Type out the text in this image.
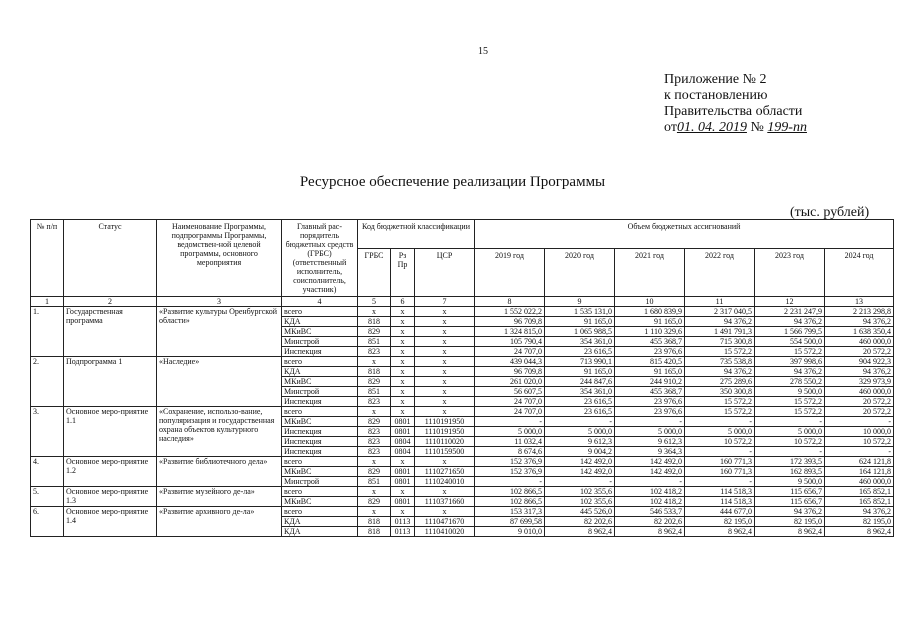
15
Приложение № 2
к постановлению
Правительства области
от01. 04. 2019 № 199-пп
Ресурсное обеспечение реализации Программы
(тыс. рублей)
№ п/п	Статус	Наименование Программы, подпрограммы Программы, ведомствен-ной целевой программы, основного мероприятия	Главный рас-порядитель бюджетных средств (ГРБС) (ответственный исполнитель, соисполнитель, участник)	Код бюджетной классификации			Объем бюджетных ассигнований					
				ГРБС	Рз Пр	ЦСР	2019 год	2020 год	2021 год	2022 год	2023 год	2024 год
1	2	3	4	5	6	7	8	9	10	11	12	13
1.	Государственная программа	«Развитие культуры Оренбургской области»	всего	х	х	х	1 552 022,2	1 535 131,0	1 680 839,9	2 317 040,5	2 231 247,9	2 213 298,8
			КДА	818	х	х	96 709,8	91 165,0	91 165,0	94 376,2	94 376,2	94 376,2
			МКиВС	829	х	х	1 324 815,0	1 065 988,5	1 110 329,6	1 491 791,3	1 566 799,5	1 638 350,4
			Минстрой	851	х	х	105 790,4	354 361,0	455 368,7	715 300,8	554 500,0	460 000,0
			Инспекция	823	х	х	24 707,0	23 616,5	23 976,6	15 572,2	15 572,2	20 572,2
2.	Подпрограмма 1	«Наследие»	всего	х	х	х	439 044,3	713 990,1	815 420,5	735 538,8	397 998,6	904 922,3
			КДА	818	х	х	96 709,8	91 165,0	91 165,0	94 376,2	94 376,2	94 376,2
			МКиВС	829	х	х	261 020,0	244 847,6	244 910,2	275 289,6	278 550,2	329 973,9
			Минстрой	851	х	х	56 607,5	354 361,0	455 368,7	350 300,8	9 500,0	460 000,0
			Инспекция	823	х	х	24 707,0	23 616,5	23 976,6	15 572,2	15 572,2	20 572,2
3.	Основное меро-приятие 1.1	«Сохранение, использо-вание, популяризация и государственная охрана объектов культурного наследия»	всего	х	х	х	24 707,0	23 616,5	23 976,6	15 572,2	15 572,2	20 572,2
			МКиВС	829	0801	1110191950	-	-	-	-	-	-
			Инспекция	823	0801	1110191950	5 000,0	5 000,0	5 000,0	5 000,0	5 000,0	10 000,0
			Инспекция	823	0804	1110110020	11 032,4	9 612,3	9 612,3	10 572,2	10 572,2	10 572,2
			Инспекция	823	0804	1110159500	8 674,6	9 004,2	9 364,3	-	-	-
4.	Основное меро-приятие 1.2	«Развитие библиотечного дела»	всего	х	х	х	152 376,9	142 492,0	142 492,0	160 771,3	172 393,5	624 121,8
			МКиВС	829	0801	1110271650	152 376,9	142 492,0	142 492,0	160 771,3	162 893,5	164 121,8
			Минстрой	851	0801	1110240010	-	-	-	-	9 500,0	460 000,0
5.	Основное меро-приятие 1.3	«Развитие музейного де-ла»	всего	х	х	х	102 866,5	102 355,6	102 418,2	114 518,3	115 656,7	165 852,1
			МКиВС	829	0801	1110371660	102 866,5	102 355,6	102 418,2	114 518,3	115 656,7	165 852,1
6.	Основное меро-приятие 1.4	«Развитие архивного де-ла»	всего	х	х	х	153 317,3	445 526,0	546 533,7	444 677,0	94 376,2	94 376,2
			КДА	818	0113	1110471670	87 699,58	82 202,6	82 202,6	82 195,0	82 195,0	82 195,0
			КДА	818	0113	1110410020	9 010,0	8 962,4	8 962,4	8 962,4	8 962,4	8 962,4
